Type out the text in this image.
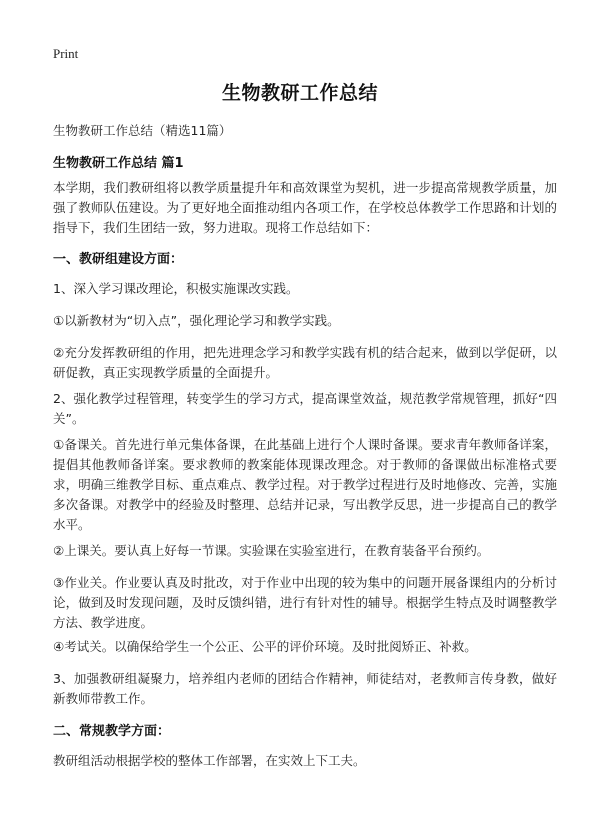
Print
生物教研工作总结
生物教研工作总结（精选11篇）
生物教研工作总结 篇1

本学期，我们教研组将以教学质量提升年和高效课堂为契机，进一步提高常规教学质量，加强了教师队伍建设。为了更好地全面推动组内各项工作，在学校总体教学工作思路和计划的指导下，我们生团结一致，努力进取。现将工作总结如下：

一、教研组建设方面：

1、深入学习课改理论，积极实施课改实践。

①以新教材为“切入点”，强化理论学习和教学实践。

②充分发挥教研组的作用，把先进理念学习和教学实践有机的结合起来，做到以学促研，以研促教，真正实现教学质量的全面提升。

2、强化教学过程管理，转变学生的学习方式，提高课堂效益，规范教学常规管理，抓好“四关”。

①备课关。首先进行单元集体备课，在此基础上进行个人课时备课。要求青年教师备详案，提倡其他教师备详案。要求教师的教案能体现课改理念。对于教师的备课做出标准格式要求，明确三维教学目标、重点难点、教学过程。对于教学过程进行及时地修改、完善，实施多次备课。对教学中的经验及时整理、总结并记录，写出教学反思，进一步提高自己的教学水平。

②上课关。要认真上好每一节课。实验课在实验室进行，在教育装备平台预约。

③作业关。作业要认真及时批改，对于作业中出现的较为集中的问题开展备课组内的分析讨论，做到及时发现问题，及时反馈纠错，进行有针对性的辅导。根据学生特点及时调整教学方法、教学进度。

④考试关。以确保给学生一个公正、公平的评价环境。及时批阅矫正、补救。

3、加强教研组凝聚力，培养组内老师的团结合作精神，师徒结对，老教师言传身教，做好新教师带教工作。

二、常规教学方面：

教研组活动根据学校的整体工作部署，在实效上下工夫。
